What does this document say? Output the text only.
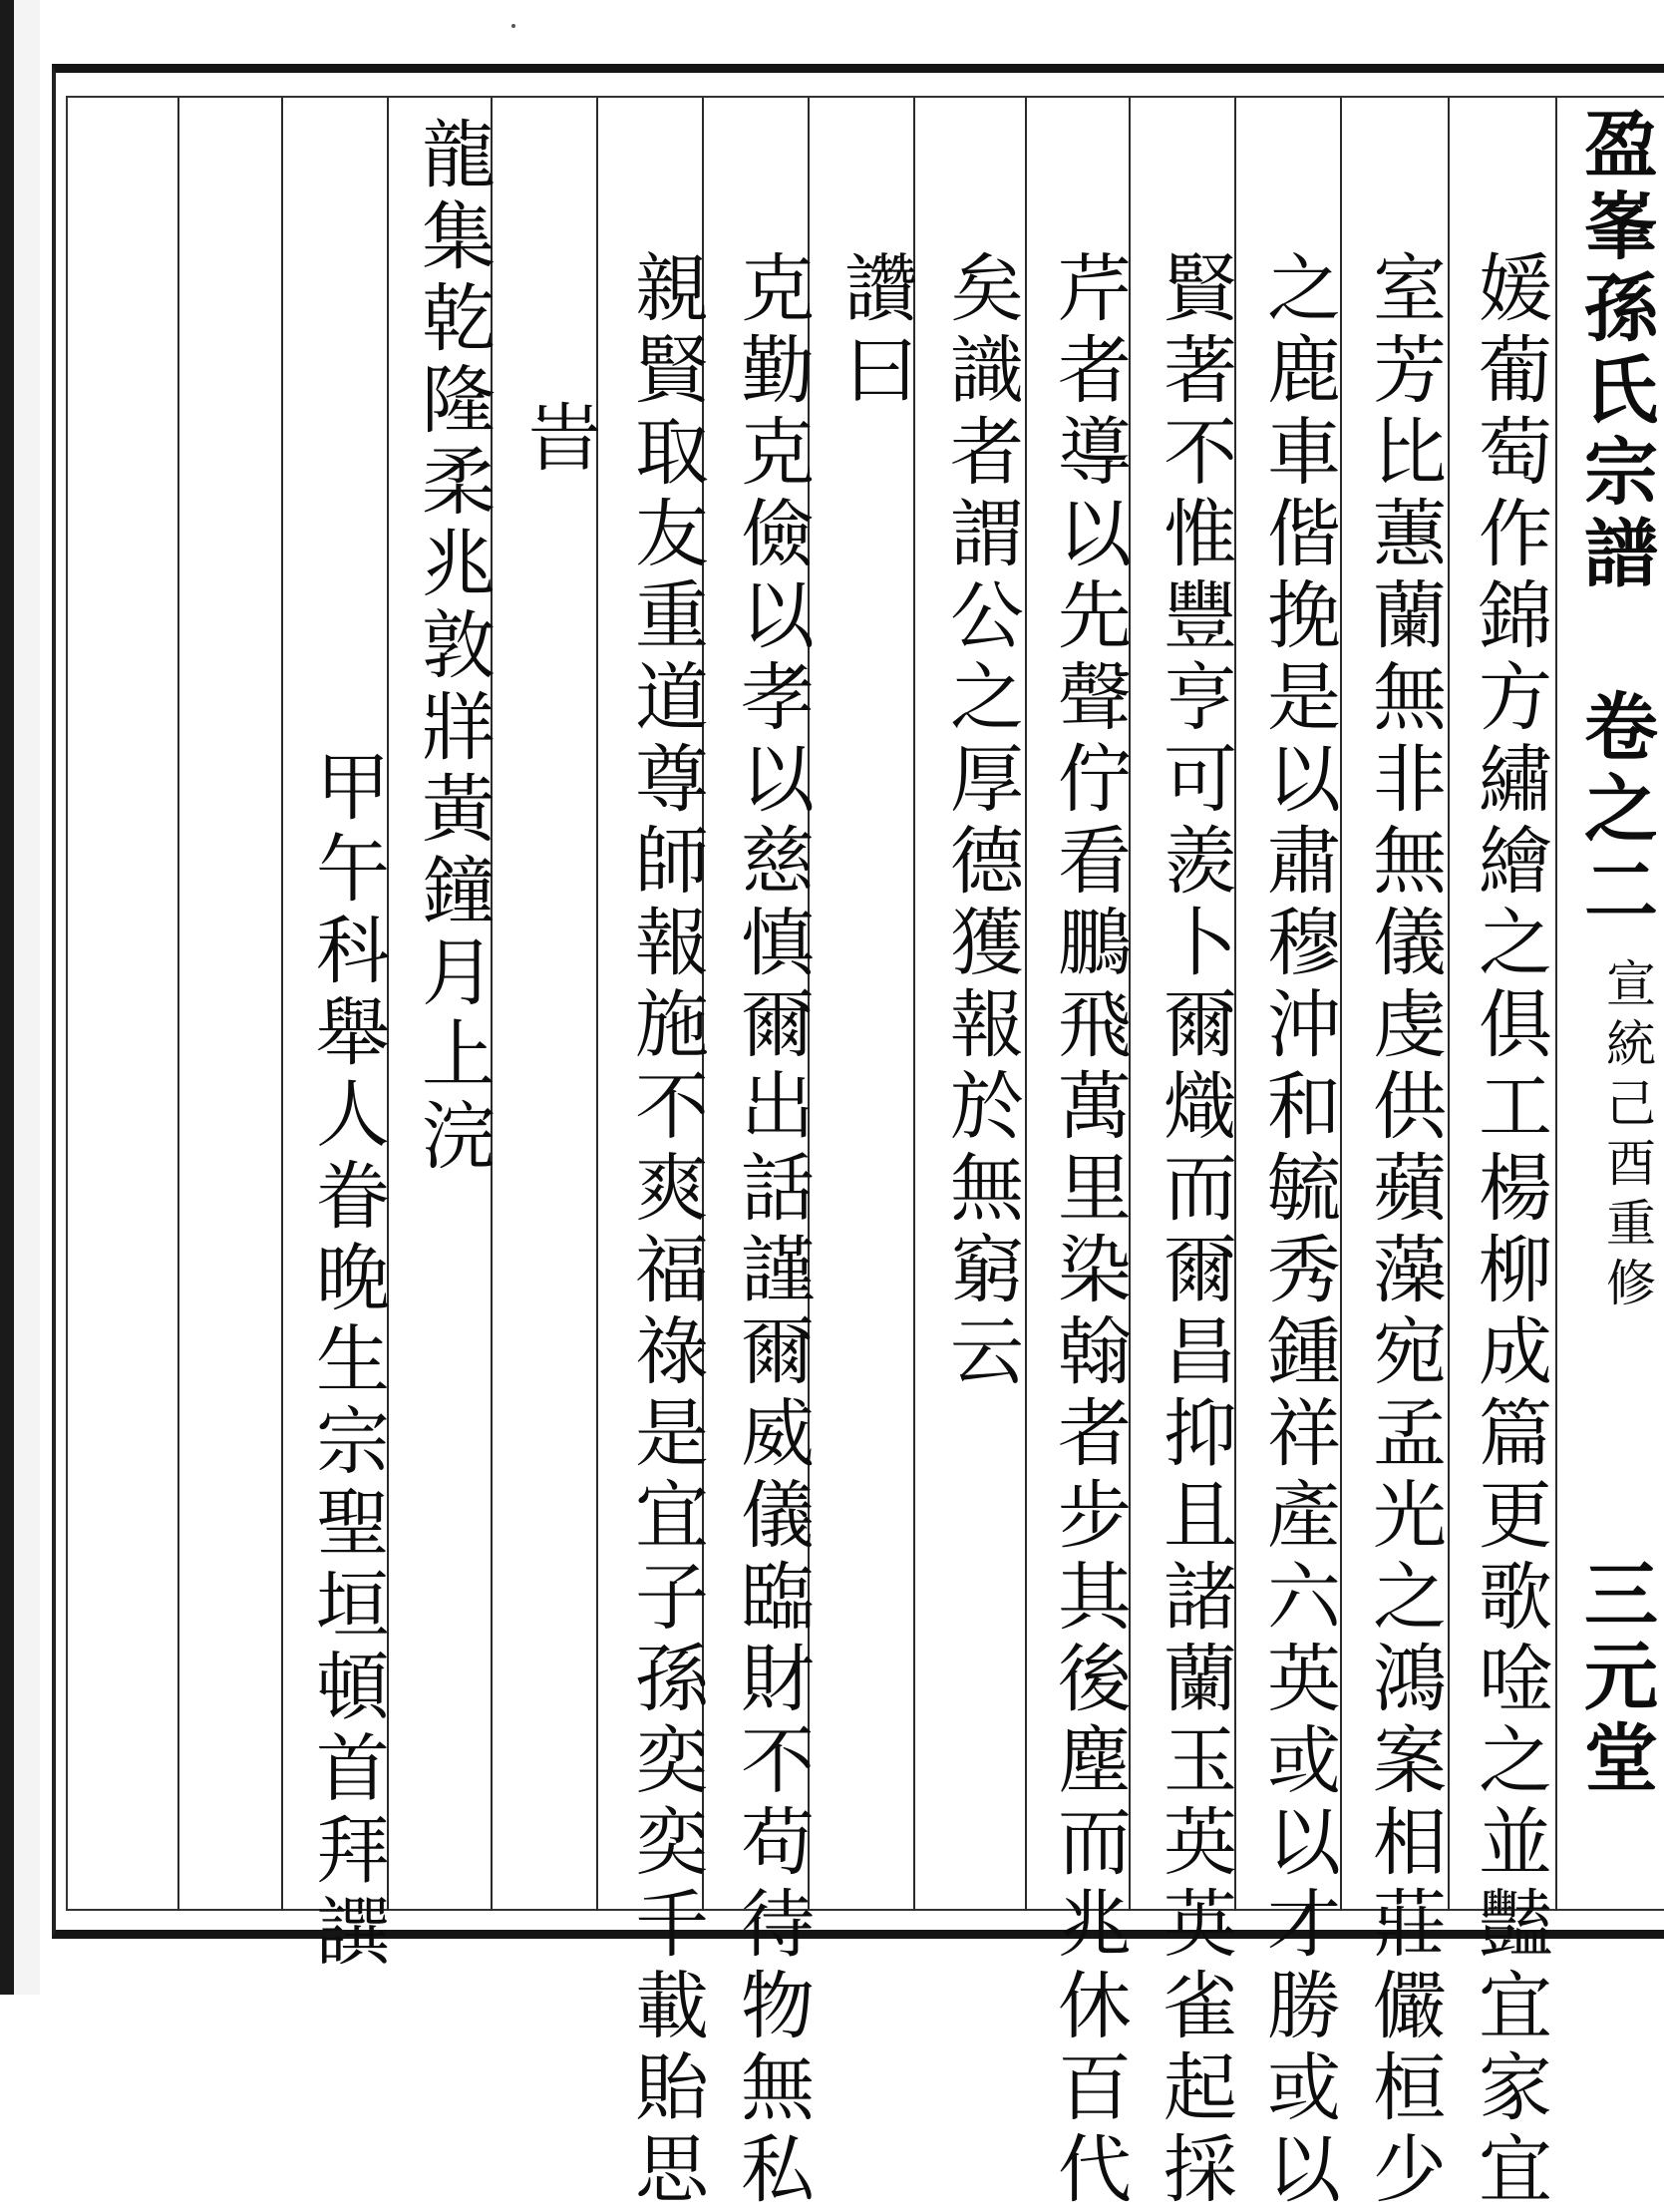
盈峯孫氏宗譜
卷之二
宣統己酉重修
三元堂
媛葡萄作錦方繡繪之俱工楊柳成篇更歌唫之並豔宜家宜
室芳比蕙蘭無非無儀虔供蘋藻宛孟光之鴻案相莊儼桓少
之鹿車偕挽是以肅穆沖和毓秀鍾祥產六英或以才勝或以
賢著不惟豐亨可羨卜爾熾而爾昌抑且諸蘭玉英英雀起採
芹者導以先聲佇看鵬飛萬里染翰者步其後塵而兆休百代
矣識者謂公之厚德獲報於無窮云
讚曰
克勤克儉以孝以慈慎爾出話謹爾威儀臨財不苟待物無私
親賢取友重道尊師報施不爽福祿是宜子孫奕奕千載貽思
旹
龍集乾隆柔兆敦牂黃鐘月上浣
甲午科舉人眷晚生宗聖垣頓首拜譔
